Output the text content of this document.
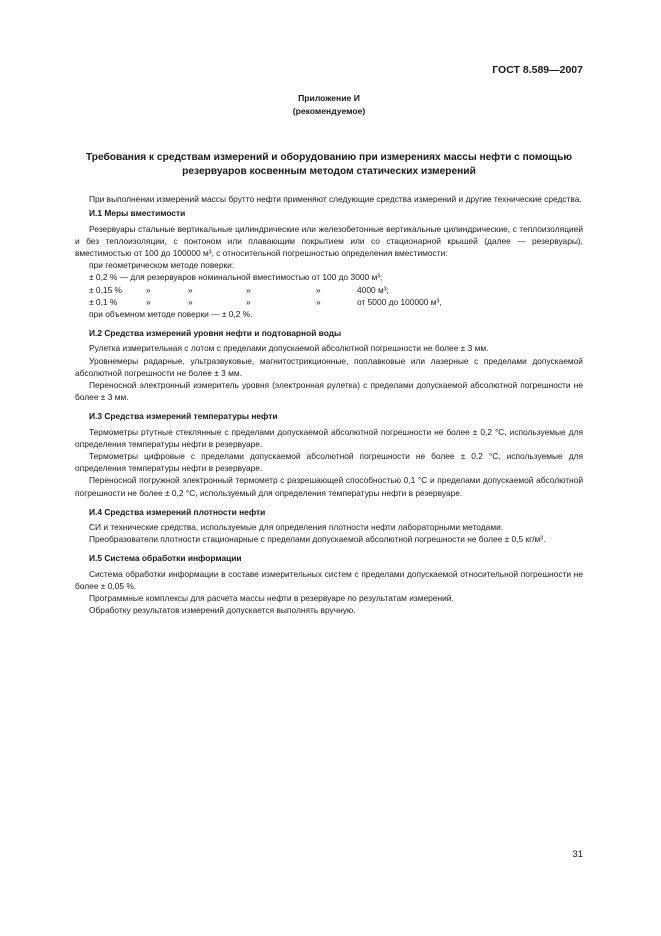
ГОСТ 8.589—2007
Приложение И
(рекомендуемое)
Требования к средствам измерений и оборудованию при измерениях массы нефти с помощью резервуаров косвенным методом статических измерений

При выполнении измерений массы брутто нефти применяют следующие средства измерений и другие технические средства.

И.1 Меры вместимости

Резервуары стальные вертикальные цилиндрические или железобетонные вертикальные цилиндрические, с теплоизоляцией и без теплоизоляции, с понтоном или плавающим покрытием или со стационарной крышей (далее — резервуары), вместимостью от 100 до 100000 м³, с относительной погрешностью определения вместимости:

при геометрическом методе поверки:

± 0,2 % — для резервуаров номинальной вместимостью от 100 до 3000 м³;
± 0,15 %	»	»	»	»	4000 м³;
± 0,1 %	»	»	»	»	от 5000 до 100000 м³,

при объемном методе поверки — ± 0,2 %.

И.2 Средства измерений уровня нефти и подтоварной воды

Рулетка измерительная с лотом с пределами допускаемой абсолютной погрешности не более ± 3 мм.

Уровнемеры радарные, ультразвуковые, магнитострикционные, поплавковые или лазерные с пределами допускаемой абсолютной погрешности не более ± 3 мм.

Переносной электронный измеритель уровня (электронная рулетка) с пределами допускаемой абсолютной погрешности не более ± 3 мм.

И.3 Средства измерений температуры нефти

Термометры ртутные стеклянные с пределами допускаемой абсолютной погрешности не более ± 0,2 °С, используемые для определения температуры нефти в резервуаре.

Термометры цифровые с пределами допускаемой абсолютной погрешности не более ± 0,2 °С, используемые для определения температуры нефти в резервуаре.

Переносной погружной электронный термометр с разрешающей способностью 0,1 °С и пределами допускаемой абсолютной погрешности не более ± 0,2 °С, используемый для определения температуры нефти в резервуаре.

И.4 Средства измерений плотности нефти

СИ и технические средства, используемые для определения плотности нефти лабораторными методами.

Преобразователи плотности стационарные с пределами допускаемой абсолютной погрешности не более ± 0,5 кг/м³.

И.5 Система обработки информации

Система обработки информации в составе измерительных систем с пределами допускаемой относительной погрешности не более ± 0,05 %.

Программные комплексы для расчета массы нефти в резервуаре по результатам измерений.

Обработку результатов измерений допускается выполнять вручную.

31
